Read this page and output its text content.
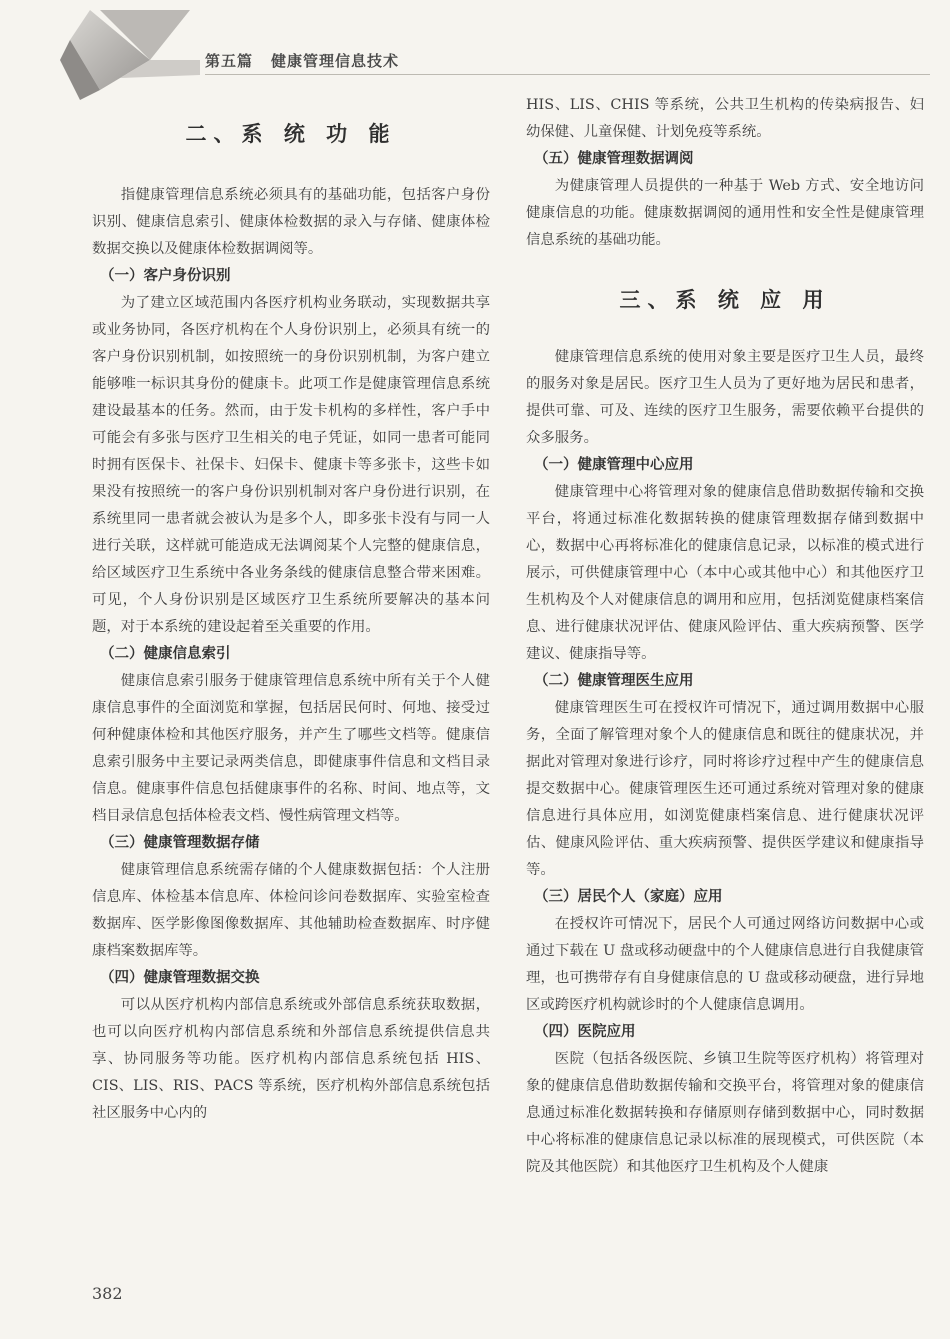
第五篇 健康管理信息技术
二、系 统 功 能

指健康管理信息系统必须具有的基础功能，包括客户身份识别、健康信息索引、健康体检数据的录入与存储、健康体检数据交换以及健康体检数据调阅等。

（一）客户身份识别

为了建立区域范围内各医疗机构业务联动，实现数据共享或业务协同，各医疗机构在个人身份识别上，必须具有统一的客户身份识别机制，如按照统一的身份识别机制，为客户建立能够唯一标识其身份的健康卡。此项工作是健康管理信息系统建设最基本的任务。然而，由于发卡机构的多样性，客户手中可能会有多张与医疗卫生相关的电子凭证，如同一患者可能同时拥有医保卡、社保卡、妇保卡、健康卡等多张卡，这些卡如果没有按照统一的客户身份识别机制对客户身份进行识别，在系统里同一患者就会被认为是多个人，即多张卡没有与同一人进行关联，这样就可能造成无法调阅某个人完整的健康信息，给区域医疗卫生系统中各业务条线的健康信息整合带来困难。可见，个人身份识别是区域医疗卫生系统所要解决的基本问题，对于本系统的建设起着至关重要的作用。

（二）健康信息索引

健康信息索引服务于健康管理信息系统中所有关于个人健康信息事件的全面浏览和掌握，包括居民何时、何地、接受过何种健康体检和其他医疗服务，并产生了哪些文档等。健康信息索引服务中主要记录两类信息，即健康事件信息和文档目录信息。健康事件信息包括健康事件的名称、时间、地点等，文档目录信息包括体检表文档、慢性病管理文档等。

（三）健康管理数据存储

健康管理信息系统需存储的个人健康数据包括：个人注册信息库、体检基本信息库、体检问诊问卷数据库、实验室检查数据库、医学影像图像数据库、其他辅助检查数据库、时序健康档案数据库等。

（四）健康管理数据交换

可以从医疗机构内部信息系统或外部信息系统获取数据，也可以向医疗机构内部信息系统和外部信息系统提供信息共享、协同服务等功能。医疗机构内部信息系统包括 HIS、CIS、LIS、RIS、PACS 等系统，医疗机构外部信息系统包括社区服务中心内的

HIS、LIS、CHIS 等系统，公共卫生机构的传染病报告、妇幼保健、儿童保健、计划免疫等系统。

（五）健康管理数据调阅

为健康管理人员提供的一种基于 Web 方式、安全地访问健康信息的功能。健康数据调阅的通用性和安全性是健康管理信息系统的基础功能。

三、系 统 应 用

健康管理信息系统的使用对象主要是医疗卫生人员，最终的服务对象是居民。医疗卫生人员为了更好地为居民和患者，提供可靠、可及、连续的医疗卫生服务，需要依赖平台提供的众多服务。

（一）健康管理中心应用

健康管理中心将管理对象的健康信息借助数据传输和交换平台，将通过标准化数据转换的健康管理数据存储到数据中心，数据中心再将标准化的健康信息记录，以标准的模式进行展示，可供健康管理中心（本中心或其他中心）和其他医疗卫生机构及个人对健康信息的调用和应用，包括浏览健康档案信息、进行健康状况评估、健康风险评估、重大疾病预警、医学建议、健康指导等。

（二）健康管理医生应用

健康管理医生可在授权许可情况下，通过调用数据中心服务，全面了解管理对象个人的健康信息和既往的健康状况，并据此对管理对象进行诊疗，同时将诊疗过程中产生的健康信息提交数据中心。健康管理医生还可通过系统对管理对象的健康信息进行具体应用，如浏览健康档案信息、进行健康状况评估、健康风险评估、重大疾病预警、提供医学建议和健康指导等。

（三）居民个人（家庭）应用

在授权许可情况下，居民个人可通过网络访问数据中心或通过下载在 U 盘或移动硬盘中的个人健康信息进行自我健康管理，也可携带存有自身健康信息的 U 盘或移动硬盘，进行异地区或跨医疗机构就诊时的个人健康信息调用。

（四）医院应用

医院（包括各级医院、乡镇卫生院等医疗机构）将管理对象的健康信息借助数据传输和交换平台，将管理对象的健康信息通过标准化数据转换和存储原则存储到数据中心，同时数据中心将标准的健康信息记录以标准的展现模式，可供医院（本院及其他医院）和其他医疗卫生机构及个人健康

382
